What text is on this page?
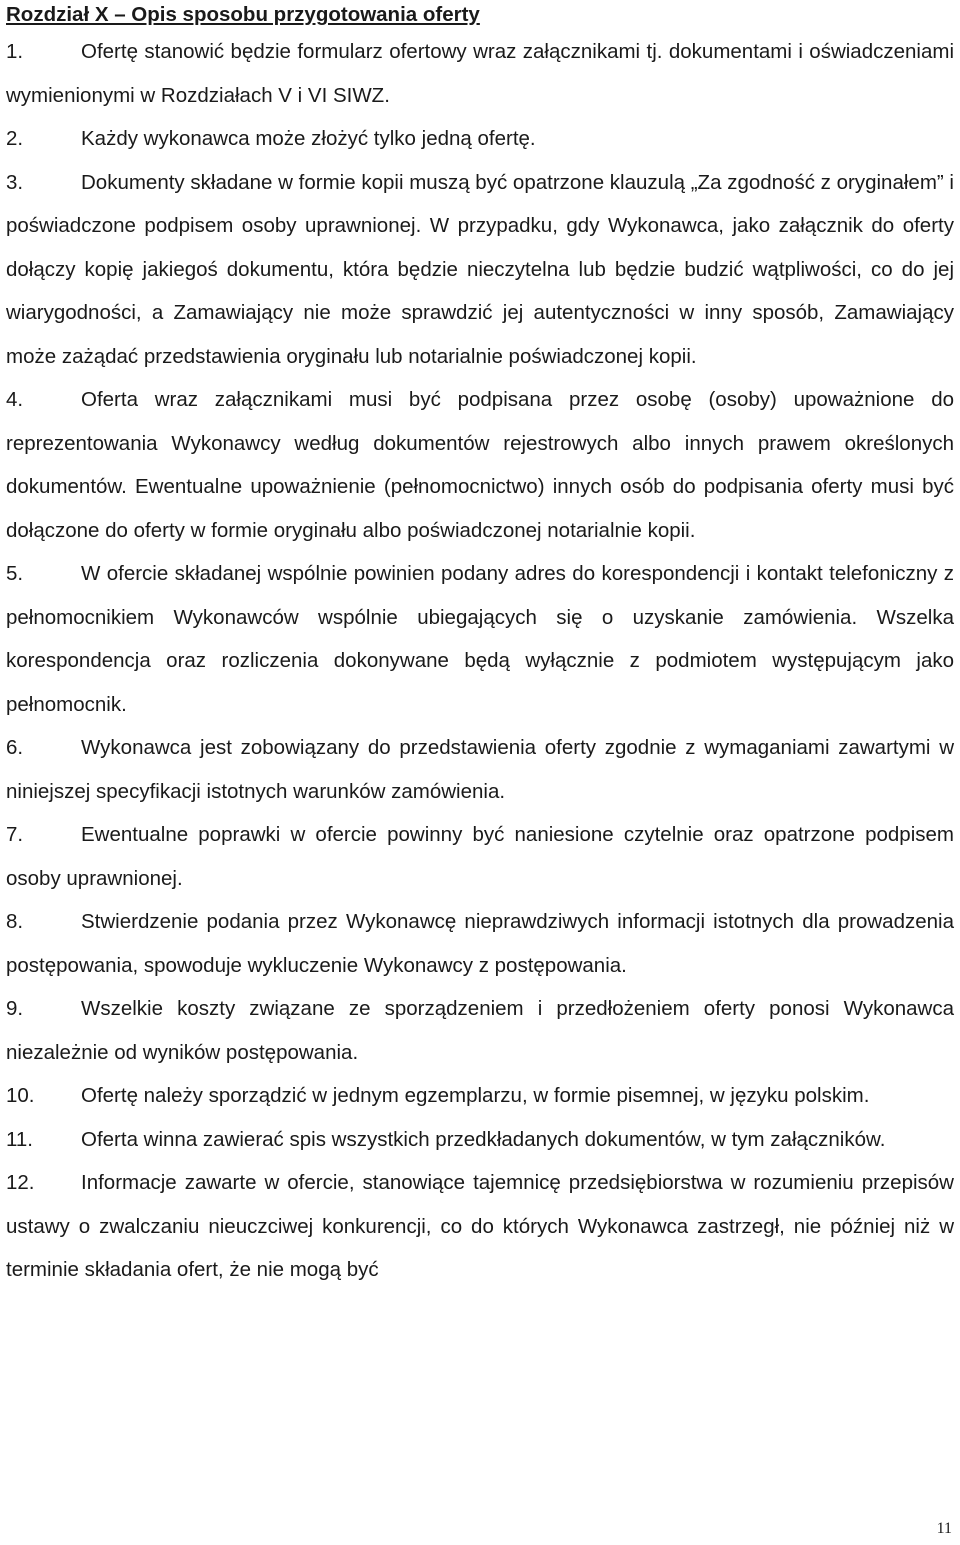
Rozdział X – Opis sposobu przygotowania oferty

1.	Ofertę stanowić będzie formularz ofertowy wraz załącznikami tj. dokumentami i oświadczeniami wymienionymi w Rozdziałach V i VI SIWZ.

2.	Każdy wykonawca może złożyć tylko jedną ofertę.

3.	Dokumenty składane w formie kopii muszą być opatrzone klauzulą „Za zgodność z oryginałem” i poświadczone podpisem osoby uprawnionej. W przypadku, gdy Wykonawca, jako załącznik do oferty dołączy kopię jakiegoś dokumentu, która będzie nieczytelna lub będzie budzić wątpliwości, co do jej wiarygodności, a Zamawiający nie może sprawdzić jej autentyczności w inny sposób, Zamawiający może zażądać przedstawienia oryginału lub notarialnie poświadczonej kopii.

4.	Oferta wraz załącznikami musi być podpisana przez osobę (osoby) upoważnione do reprezentowania Wykonawcy według dokumentów rejestrowych albo innych prawem określonych dokumentów. Ewentualne upoważnienie (pełnomocnictwo) innych osób do podpisania oferty musi być dołączone do oferty w formie oryginału albo poświadczonej notarialnie kopii.

5.	W ofercie składanej wspólnie powinien podany adres do korespondencji i kontakt telefoniczny z pełnomocnikiem Wykonawców wspólnie ubiegających się o uzyskanie zamówienia. Wszelka korespondencja oraz rozliczenia dokonywane będą wyłącznie z podmiotem występującym jako pełnomocnik.

6.	Wykonawca jest zobowiązany do przedstawienia oferty zgodnie z wymaganiami zawartymi w niniejszej specyfikacji istotnych warunków zamówienia.

7.	Ewentualne poprawki w ofercie powinny być naniesione czytelnie oraz opatrzone podpisem osoby uprawnionej.

8.	Stwierdzenie podania przez Wykonawcę nieprawdziwych informacji istotnych dla prowadzenia postępowania, spowoduje wykluczenie Wykonawcy z postępowania.

9.	Wszelkie koszty związane ze sporządzeniem i przedłożeniem oferty ponosi Wykonawca niezależnie od wyników postępowania.

10. Ofertę należy sporządzić w jednym egzemplarzu, w formie pisemnej, w języku polskim.

11. Oferta winna zawierać spis wszystkich przedkładanych dokumentów, w tym załączników.

12. Informacje zawarte w ofercie, stanowiące tajemnicę przedsiębiorstwa w rozumieniu przepisów ustawy o zwalczaniu nieuczciwej konkurencji, co do których Wykonawca zastrzegł, nie później niż w terminie składania ofert, że nie mogą być

11
